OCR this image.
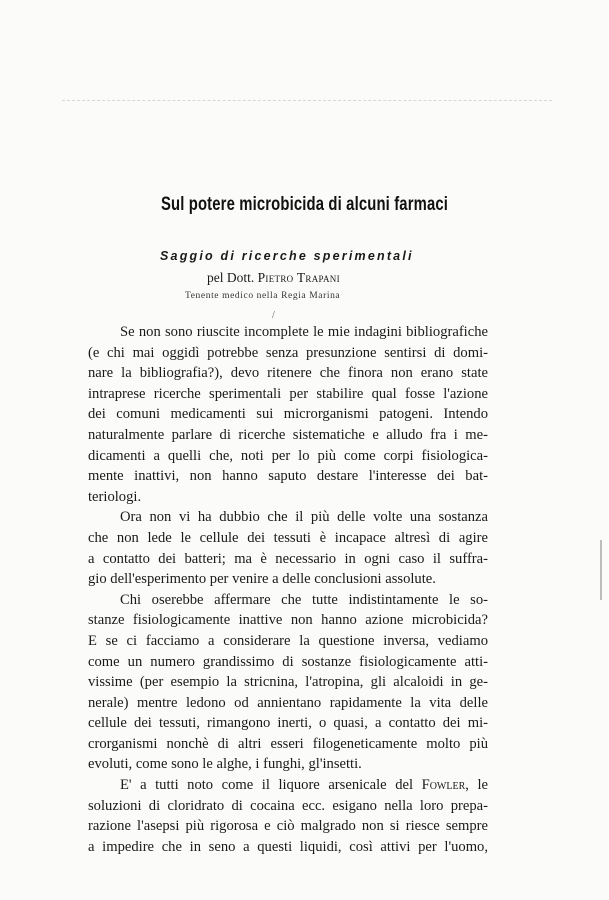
Sul potere microbicida di alcuni farmaci
Saggio di ricerche sperimentali
pel Dott. Pietro Trapani
Tenente medico nella Regia Marina
/
Se non sono riuscite incomplete le mie indagini bibliografiche
(e chi mai oggidì potrebbe senza presunzione sentirsi di domi-
nare la bibliografia?), devo ritenere che finora non erano state
intraprese ricerche sperimentali per stabilire qual fosse l'azione
dei comuni medicamenti sui microrganismi patogeni. Intendo
naturalmente parlare di ricerche sistematiche e alludo fra i me-
dicamenti a quelli che, noti per lo più come corpi fisiologica-
mente inattivi, non hanno saputo destare l'interesse dei bat-
teriologi.
Ora non vi ha dubbio che il più delle volte una sostanza
che non lede le cellule dei tessuti è incapace altresì di agire
a contatto dei batteri; ma è necessario in ogni caso il suffra-
gio dell'esperimento per venire a delle conclusioni assolute.
Chi oserebbe affermare che tutte indistintamente le so-
stanze fisiologicamente inattive non hanno azione microbicida?
E se ci facciamo a considerare la questione inversa, vediamo
come un numero grandissimo di sostanze fisiologicamente atti-
vissime (per esempio la stricnina, l'atropina, gli alcaloidi in ge-
nerale) mentre ledono od annientano rapidamente la vita delle
cellule dei tessuti, rimangono inerti, o quasi, a contatto dei mi-
crorganismi nonchè di altri esseri filogeneticamente molto più
evoluti, come sono le alghe, i funghi, gl'insetti.
E' a tutti noto come il liquore arsenicale del Fowler, le
soluzioni di cloridrato di cocaina ecc. esigano nella loro prepa-
razione l'asepsi più rigorosa e ciò malgrado non si riesce sempre
a impedire che in seno a questi liquidi, così attivi per l'uomo,
